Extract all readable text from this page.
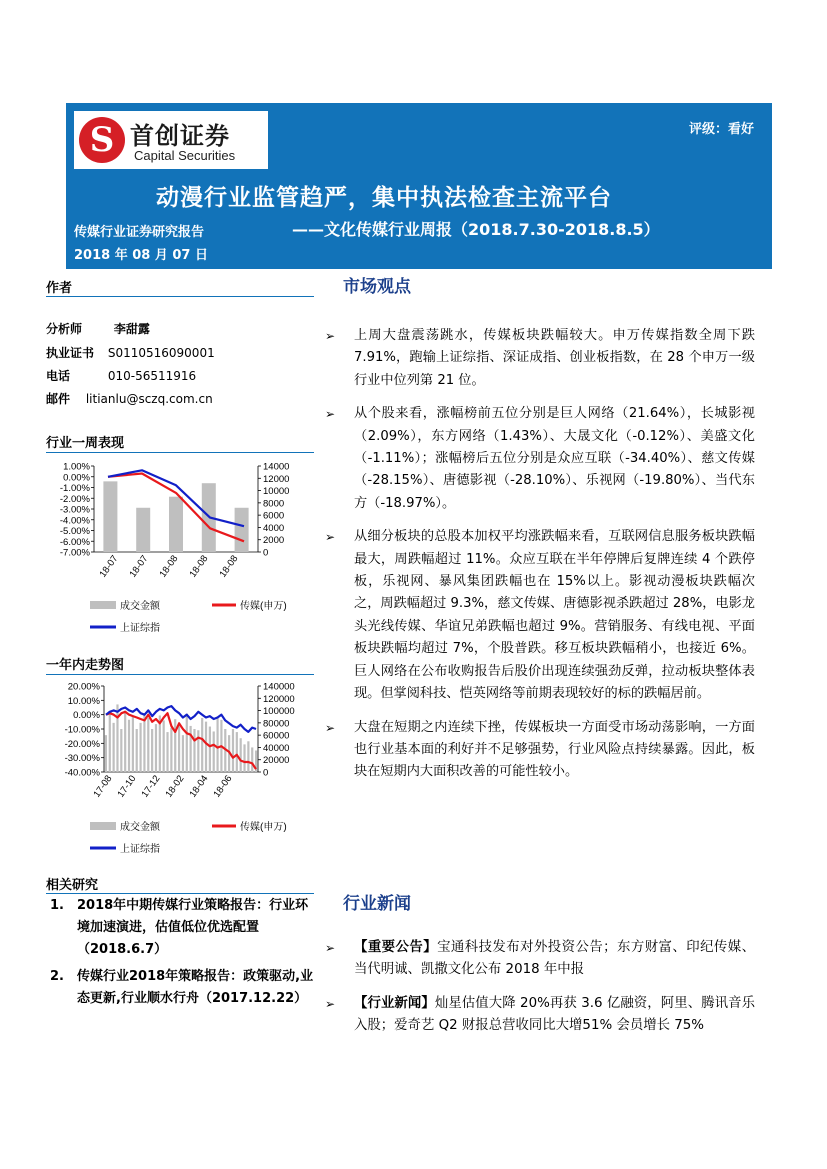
S 首创证券
Capital Securities
评级：看好
动漫行业监管趋严，集中执法检查主流平台
传媒行业证券研究报告	——文化传媒行业周报（2018.7.30-2018.8.5）
2018 年 08 月 07 日
作者
分析师	李甜露
执业证书 S0110516090001
电话	010-56511916
邮件 litianlu@sczq.com.cn
行业一周表现
1.00%
0.00%
-1.00%
-2.00%
-3.00%
-4.00%
-5.00%
-6.00%
-7.00%
14000
12000
10000
8000
6000
4000
2000
0
18-07 18-07 18-08 18-08 18-08
成交金额	传媒(申万)
上证综指
一年内走势图
20.00%
10.00%
0.00%
-10.00%
-20.00%
-30.00%
-40.00%
140000
120000
100000
80000
60000
40000
20000
0
17-08 17-10 17-12 18-02 18-04 18-06
成交金额	传媒(申万)
上证综指
相关研究
1. 2018年中期传媒行业策略报告：行业环境加速演进，估值低位优选配置（2018.6.7）
2. 传媒行业2018年策略报告：政策驱动,业态更新,行业顺水行舟（2017.12.22）
市场观点
➢ 上周大盘震荡跳水，传媒板块跌幅较大。申万传媒指数全周下跌 7.91%，跑输上证综指、深证成指、创业板指数，在 28 个申万一级行业中位列第 21 位。
➢ 从个股来看，涨幅榜前五位分别是巨人网络（21.64%），长城影视（2.09%），东方网络（1.43%）、大晟文化（-0.12%）、美盛文化（-1.11%）；涨幅榜后五位分别是众应互联（-34.40%）、慈文传媒（-28.15%）、唐德影视（-28.10%）、乐视网（-19.80%）、当代东方（-18.97%）。
➢ 从细分板块的总股本加权平均涨跌幅来看，互联网信息服务板块跌幅最大，周跌幅超过 11%。众应互联在半年停牌后复牌连续 4 个跌停板，乐视网、暴风集团跌幅也在 15%以上。影视动漫板块跌幅次之，周跌幅超过 9.3%，慈文传媒、唐德影视杀跌超过 28%，电影龙头光线传媒、华谊兄弟跌幅也超过 9%。营销服务、有线电视、平面板块跌幅均超过 7%，个股普跌。移互板块跌幅稍小，也接近 6%。巨人网络在公布收购报告后股价出现连续强劲反弹，拉动板块整体表现。但掌阅科技、恺英网络等前期表现较好的标的跌幅居前。
➢ 大盘在短期之内连续下挫，传媒板块一方面受市场动荡影响，一方面也行业基本面的利好并不足够强势，行业风险点持续暴露。因此，板块在短期内大面积改善的可能性较小。
行业新闻
➢ 【重要公告】宝通科技发布对外投资公告；东方财富、印纪传媒、当代明诚、凯撒文化公布 2018 年中报
➢ 【行业新闻】灿星估值大降 20%再获 3.6 亿融资，阿里、腾讯音乐入股；爱奇艺 Q2 财报总营收同比大增51% 会员增长 75%
